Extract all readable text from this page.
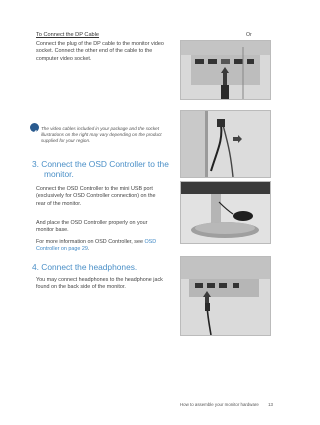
To Connect the DP Cable
Connect the plug of the DP cable to the monitor video
socket. Connect the other end of the cable to the
computer video socket.
Or
The video cables included in your package and the socket
illustrations on the right may vary depending on the product
supplied for your region.
3. Connect the OSD Controller to the
monitor.
Connect the OSD Controller to the mini USB port
(exclusively for OSD Controller connection) on the
rear of the monitor.
And place the OSD Controller properly on your
monitor base.
For more information on OSD Controller, see OSD
Controller on page 29.
4. Connect the headphones.
You may connect headphones to the headphone jack
found on the back side of the monitor.
How to assemble your monitor hardware 13
